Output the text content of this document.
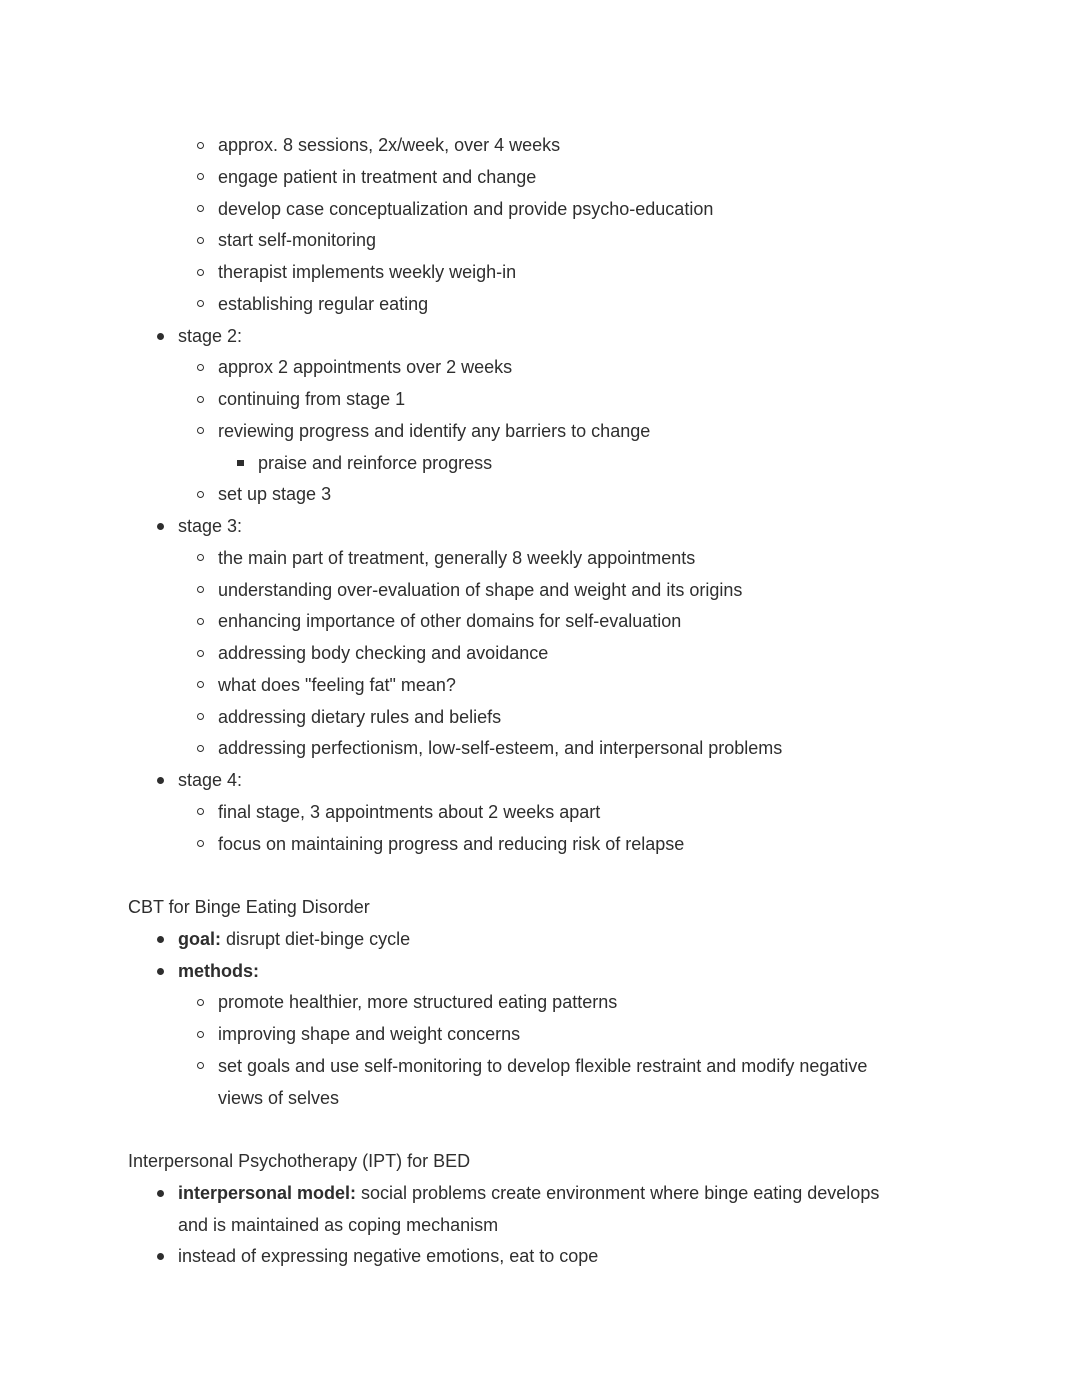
approx. 8 sessions, 2x/week, over 4 weeks
engage patient in treatment and change
develop case conceptualization and provide psycho-education
start self-monitoring
therapist implements weekly weigh-in
establishing regular eating
stage 2:
approx 2 appointments over 2 weeks
continuing from stage 1
reviewing progress and identify any barriers to change
praise and reinforce progress
set up stage 3
stage 3:
the main part of treatment, generally 8 weekly appointments
understanding over-evaluation of shape and weight and its origins
enhancing importance of other domains for self-evaluation
addressing body checking and avoidance
what does "feeling fat" mean?
addressing dietary rules and beliefs
addressing perfectionism, low-self-esteem, and interpersonal problems
stage 4:
final stage, 3 appointments about 2 weeks apart
focus on maintaining progress and reducing risk of relapse
CBT for Binge Eating Disorder
goal: disrupt diet-binge cycle
methods:
promote healthier, more structured eating patterns
improving shape and weight concerns
set goals and use self-monitoring to develop flexible restraint and modify negative views of selves
Interpersonal Psychotherapy (IPT) for BED
interpersonal model: social problems create environment where binge eating develops and is maintained as coping mechanism
instead of expressing negative emotions, eat to cope
